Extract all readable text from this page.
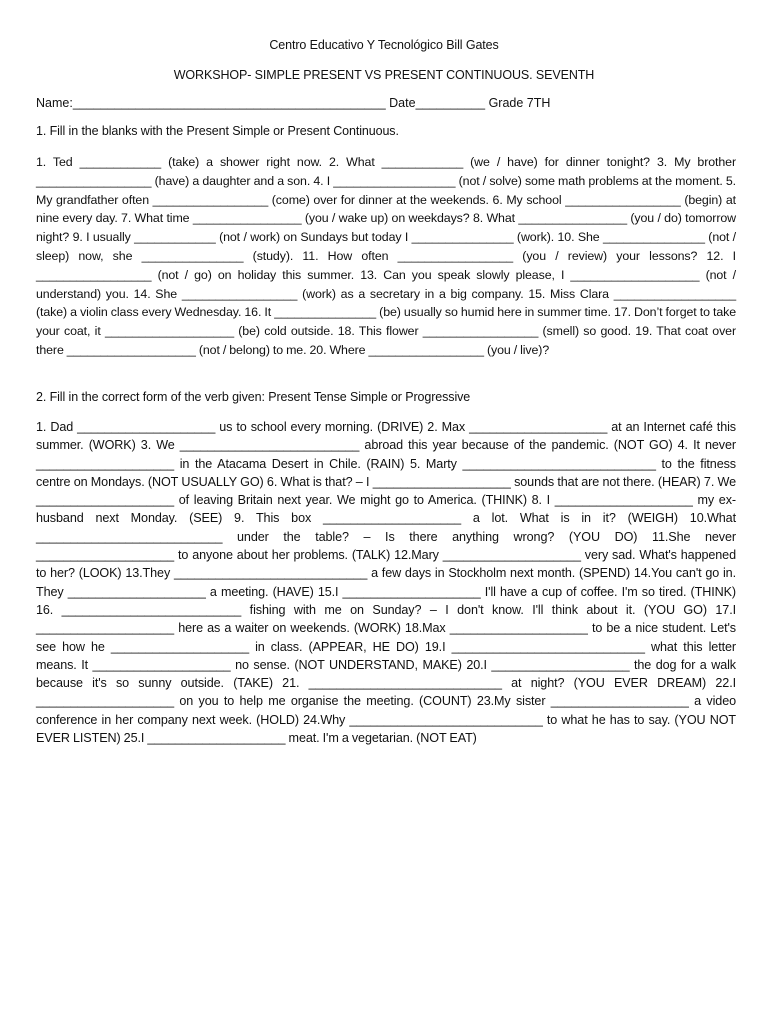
Centro Educativo Y Tecnológico Bill Gates
WORKSHOP- SIMPLE PRESENT VS PRESENT CONTINUOUS. SEVENTH
Name:_____________________________________________ Date__________ Grade 7TH
1. Fill in the blanks with the Present Simple or Present Continuous.

1. Ted ____________ (take) a shower right now. 2. What ____________ (we / have) for dinner tonight? 3. My brother _________________ (have) a daughter and a son. 4. I __________________ (not / solve) some math problems at the moment. 5. My grandfather often _________________ (come) over for dinner at the weekends. 6. My school _________________ (begin) at nine every day. 7. What time ________________ (you / wake up) on weekdays? 8. What ________________ (you / do) tomorrow night? 9. I usually ____________ (not / work) on Sundays but today I _______________ (work). 10. She _______________ (not / sleep) now, she _______________ (study). 11. How often _________________ (you / review) your lessons? 12. I _________________ (not / go) on holiday this summer. 13. Can you speak slowly please, I ___________________ (not / understand) you. 14. She _________________ (work) as a secretary in a big company. 15. Miss Clara __________________ (take) a violin class every Wednesday. 16. It _______________ (be) usually so humid here in summer time. 17. Don’t forget to take your coat, it ___________________ (be) cold outside. 18. This flower _________________ (smell) so good. 19. That coat over there ___________________ (not / belong) to me. 20. Where _________________ (you / live)?

2. Fill in the correct form of the verb given: Present Tense Simple or Progressive

1. Dad ____________________ us to school every morning. (DRIVE) 2. Max ____________________ at an Internet café this summer. (WORK) 3. We __________________________ abroad this year because of the pandemic. (NOT GO) 4. It never ____________________ in the Atacama Desert in Chile. (RAIN) 5. Marty ____________________________ to the fitness centre on Mondays. (NOT USUALLY GO) 6. What is that? – I ____________________ sounds that are not there. (HEAR) 7. We ____________________ of leaving Britain next year. We might go to America. (THINK) 8. I ____________________ my ex-husband next Monday. (SEE) 9. This box ____________________ a lot. What is in it? (WEIGH) 10.What ___________________________ under the table? – Is there anything wrong? (YOU DO) 11.She never ____________________ to anyone about her problems. (TALK) 12.Mary ____________________ very sad. What's happened to her? (LOOK) 13.They ____________________________ a few days in Stockholm next month. (SPEND) 14.You can't go in. They ____________________ a meeting. (HAVE) 15.I ____________________ I'll have a cup of coffee. I'm so tired. (THINK) 16. __________________________ fishing with me on Sunday? – I don't know. I'll think about it. (YOU GO) 17.I ____________________ here as a waiter on weekends. (WORK) 18.Max ____________________ to be a nice student. Let's see how he ____________________ in class. (APPEAR, HE DO) 19.I ____________________________ what this letter means. It ____________________ no sense. (NOT UNDERSTAND, MAKE) 20.I ____________________ the dog for a walk because it's so sunny outside. (TAKE) 21. ____________________________ at night? (YOU EVER DREAM) 22.I ____________________ on you to help me organise the meeting. (COUNT) 23.My sister ____________________ a video conference in her company next week. (HOLD) 24.Why ____________________________ to what he has to say. (YOU NOT EVER LISTEN) 25.I ____________________ meat. I'm a vegetarian. (NOT EAT)
